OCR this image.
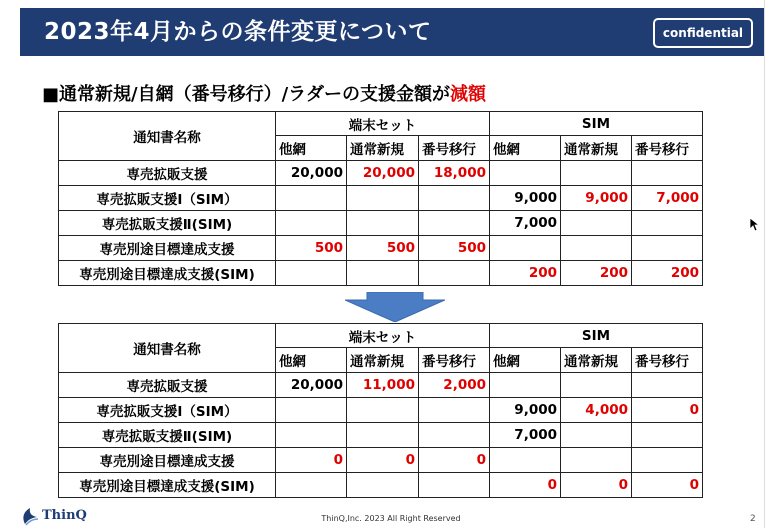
2023年4月からの条件変更について	confidential
■通常新規/自網（番号移行）/ラダーの支援金額が減額
通知書名称	端末セット			SIM		
	他網	通常新規	番号移行	他網	通常新規	番号移行
専売拡販支援	20,000	20,000	18,000			
専売拡販支援Ⅰ（SIM）				9,000	9,000	7,000
専売拡販支援Ⅱ(SIM)				7,000		
専売別途目標達成支援	500	500	500			
専売別途目標達成支援(SIM)				200	200	200
通知書名称	端末セット			SIM		
	他網	通常新規	番号移行	他網	通常新規	番号移行
専売拡販支援	20,000	11,000	2,000			
専売拡販支援Ⅰ（SIM）				9,000	4,000	0
専売拡販支援Ⅱ(SIM)				7,000		
専売別途目標達成支援	0	0	0			
専売別途目標達成支援(SIM)				0	0	0
ThinQ	ThinQ,Inc. 2023 All Right Reserved	2
